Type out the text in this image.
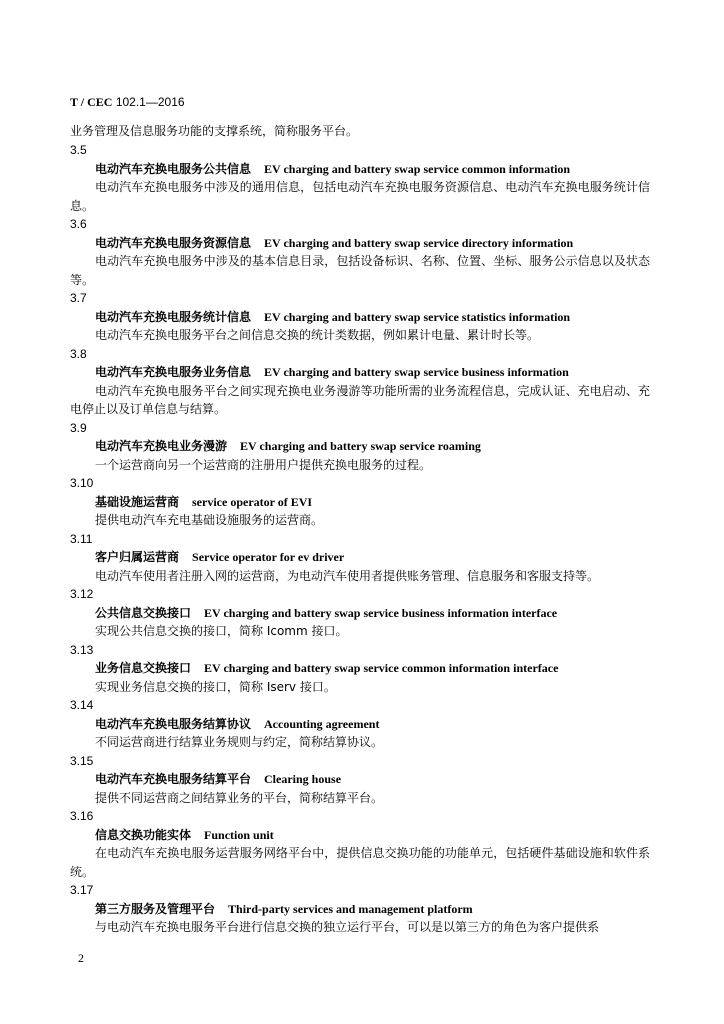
T / CEC 102.1—2016
业务管理及信息服务功能的支撑系统，简称服务平台。
3.5
电动汽车充换电服务公共信息 EV charging and battery swap service common information
电动汽车充换电服务中涉及的通用信息，包括电动汽车充换电服务资源信息、电动汽车充换电服务统计信息。
3.6
电动汽车充换电服务资源信息 EV charging and battery swap service directory information
电动汽车充换电服务中涉及的基本信息目录，包括设备标识、名称、位置、坐标、服务公示信息以及状态等。
3.7
电动汽车充换电服务统计信息 EV charging and battery swap service statistics information
电动汽车充换电服务平台之间信息交换的统计类数据，例如累计电量、累计时长等。
3.8
电动汽车充换电服务业务信息 EV charging and battery swap service business information
电动汽车充换电服务平台之间实现充换电业务漫游等功能所需的业务流程信息，完成认证、充电启动、充电停止以及订单信息与结算。
3.9
电动汽车充换电业务漫游 EV charging and battery swap service roaming
一个运营商向另一个运营商的注册用户提供充换电服务的过程。
3.10
基础设施运营商 service operator of EVI
提供电动汽车充电基础设施服务的运营商。
3.11
客户归属运营商 Service operator for ev driver
电动汽车使用者注册入网的运营商，为电动汽车使用者提供账务管理、信息服务和客服支持等。
3.12
公共信息交换接口 EV charging and battery swap service business information interface
实现公共信息交换的接口，简称 Icomm 接口。
3.13
业务信息交换接口 EV charging and battery swap service common information interface
实现业务信息交换的接口，简称 Iserv 接口。
3.14
电动汽车充换电服务结算协议 Accounting agreement
不同运营商进行结算业务规则与约定，简称结算协议。
3.15
电动汽车充换电服务结算平台 Clearing house
提供不同运营商之间结算业务的平台，简称结算平台。
3.16
信息交换功能实体 Function unit
在电动汽车充换电服务运营服务网络平台中，提供信息交换功能的功能单元，包括硬件基础设施和软件系统。
3.17
第三方服务及管理平台 Third-party services and management platform
与电动汽车充换电服务平台进行信息交换的独立运行平台，可以是以第三方的角色为客户提供系
2
